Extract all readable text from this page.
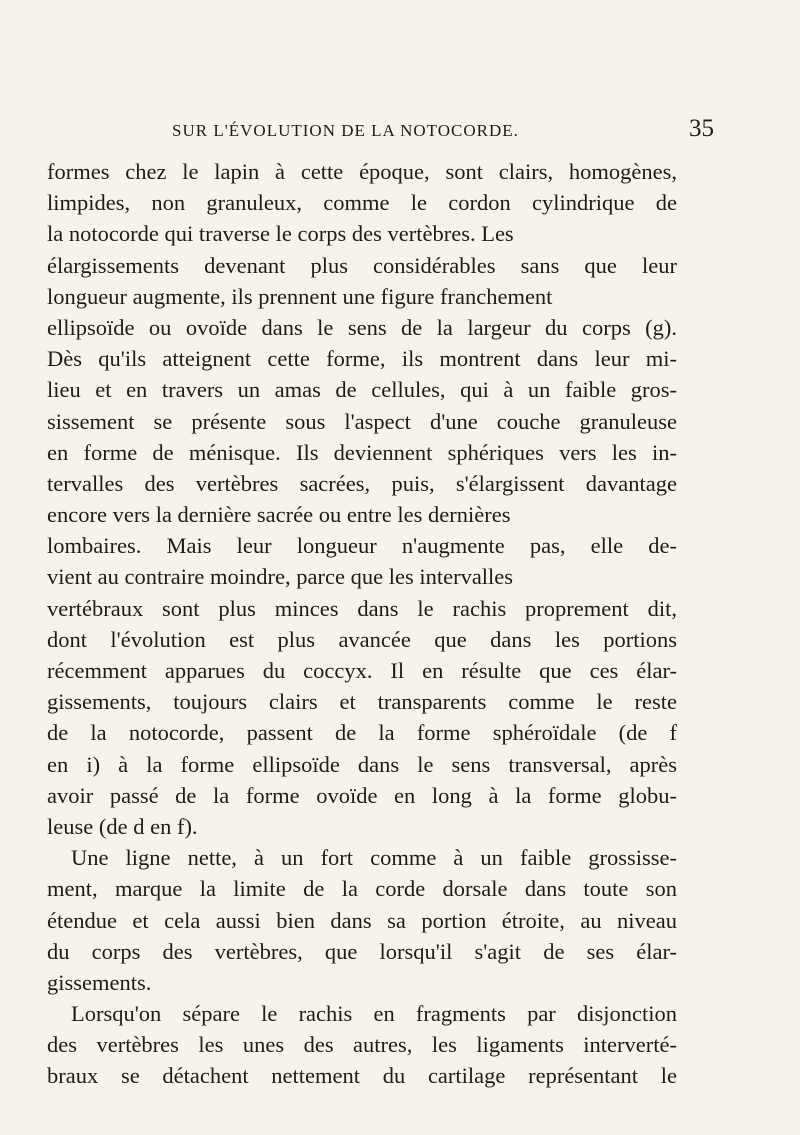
SUR L'ÉVOLUTION DE LA NOTOCORDE.	35
formes chez le lapin à cette époque, sont clairs, homogènes,
limpides, non granuleux, comme le cordon cylindrique de
la notocorde qui traverse le corps des vertèbres. Les
élargissements devenant plus considérables sans que leur
longueur augmente, ils prennent une figure franchement
ellipsoïde ou ovoïde dans le sens de la largeur du corps (g).
Dès qu'ils atteignent cette forme, ils montrent dans leur mi-
lieu et en travers un amas de cellules, qui à un faible gros-
sissement se présente sous l'aspect d'une couche granuleuse
en forme de ménisque. Ils deviennent sphériques vers les in-
tervalles des vertèbres sacrées, puis, s'élargissent davantage
encore vers la dernière sacrée ou entre les dernières
lombaires. Mais leur longueur n'augmente pas, elle de-
vient au contraire moindre, parce que les intervalles
vertébraux sont plus minces dans le rachis proprement dit,
dont l'évolution est plus avancée que dans les portions
récemment apparues du coccyx. Il en résulte que ces élar-
gissements, toujours clairs et transparents comme le reste
de la notocorde, passent de la forme sphéroïdale (de f
en i) à la forme ellipsoïde dans le sens transversal, après
avoir passé de la forme ovoïde en long à la forme globu-
leuse (de d en f).
Une ligne nette, à un fort comme à un faible grossisse-
ment, marque la limite de la corde dorsale dans toute son
étendue et cela aussi bien dans sa portion étroite, au niveau
du corps des vertèbres, que lorsqu'il s'agit de ses élar-
gissements.
Lorsqu'on sépare le rachis en fragments par disjonction
des vertèbres les unes des autres, les ligaments interverté-
braux se détachent nettement du cartilage représentant le
